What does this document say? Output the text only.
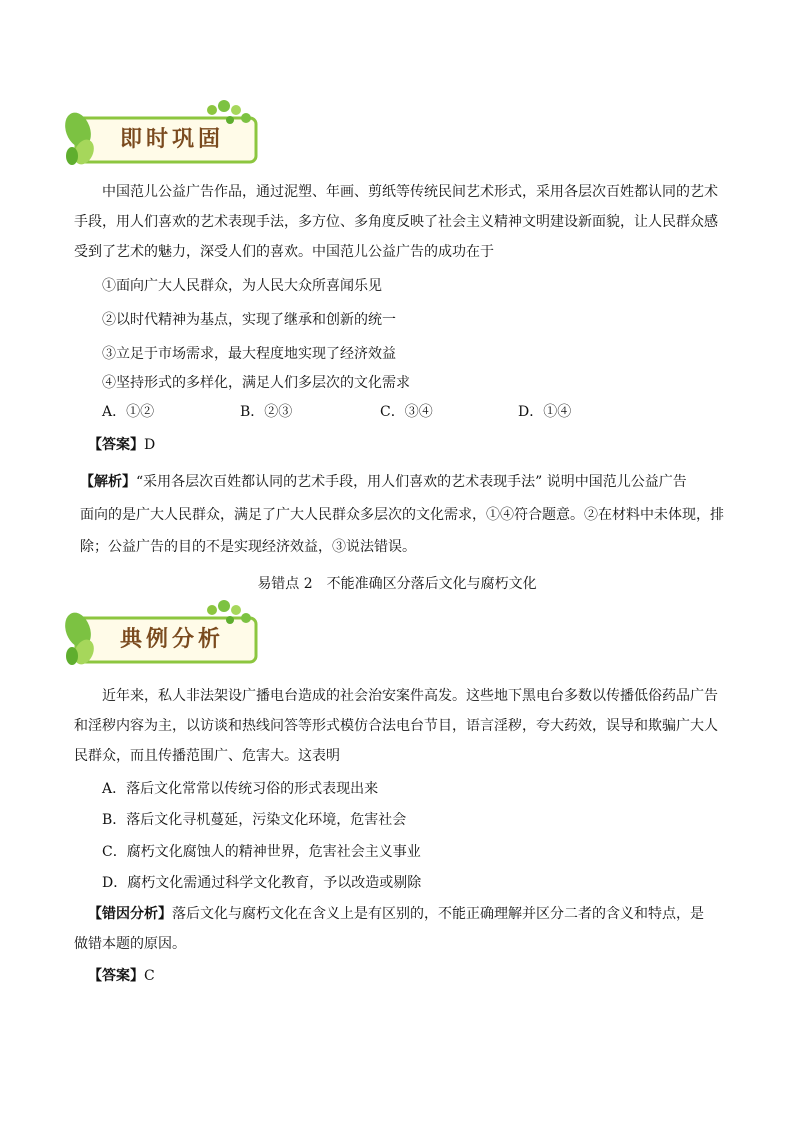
即时巩固
中国范儿公益广告作品，通过泥塑、年画、剪纸等传统民间艺术形式，采用各层次百姓都认同的艺术
手段，用人们喜欢的艺术表现手法，多方位、多角度反映了社会主义精神文明建设新面貌，让人民群众感
受到了艺术的魅力，深受人们的喜欢。中国范儿公益广告的成功在于
①面向广大人民群众，为人民大众所喜闻乐见
②以时代精神为基点，实现了继承和创新的统一
③立足于市场需求，最大程度地实现了经济效益
④坚持形式的多样化，满足人们多层次的文化需求
A．①②	B．②③	C．③④	D．①④
【答案】D
【解析】“采用各层次百姓都认同的艺术手段，用人们喜欢的艺术表现手法” 说明中国范儿公益广告
面向的是广大人民群众，满足了广大人民群众多层次的文化需求，①④符合题意。②在材料中未体现，排
除；公益广告的目的不是实现经济效益，③说法错误。
易错点 2　不能准确区分落后文化与腐朽文化
典例分析
近年来，私人非法架设广播电台造成的社会治安案件高发。这些地下黑电台多数以传播低俗药品广告
和淫秽内容为主，以访谈和热线问答等形式模仿合法电台节目，语言淫秽，夸大药效，误导和欺骗广大人
民群众，而且传播范围广、危害大。这表明
A．落后文化常常以传统习俗的形式表现出来
B．落后文化寻机蔓延，污染文化环境，危害社会
C．腐朽文化腐蚀人的精神世界，危害社会主义事业
D．腐朽文化需通过科学文化教育，予以改造或剔除
【错因分析】落后文化与腐朽文化在含义上是有区别的，不能正确理解并区分二者的含义和特点，是
做错本题的原因。
【答案】C
